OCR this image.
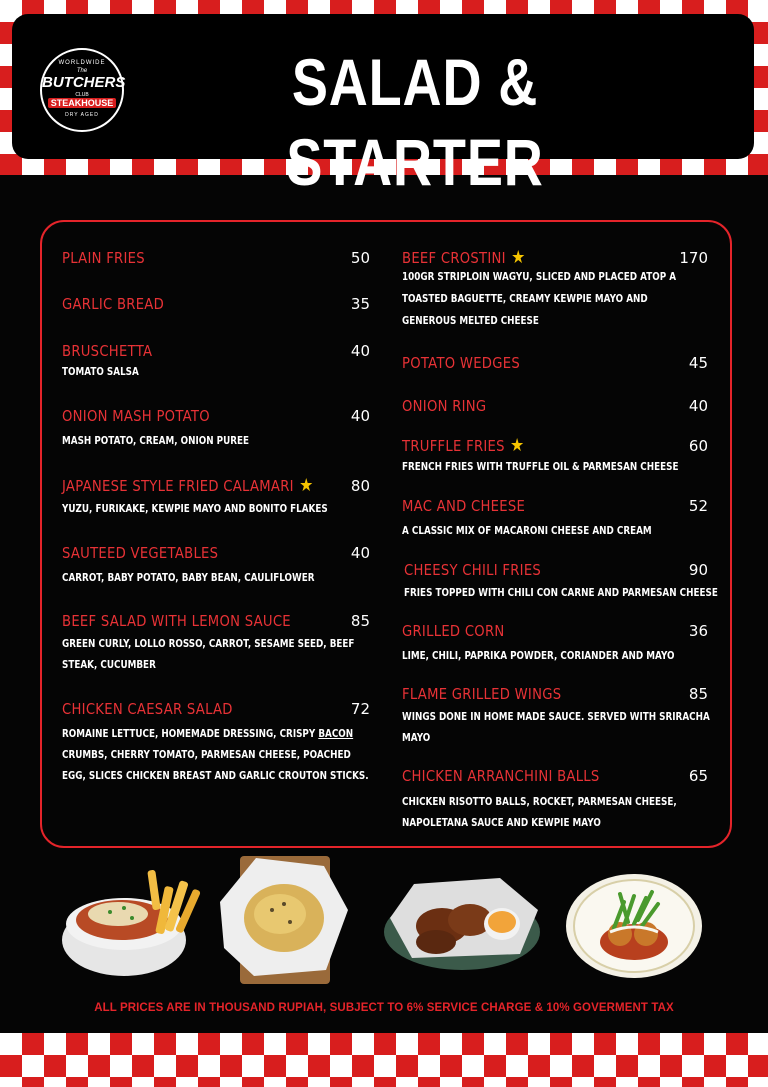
WORLDWIDE
The
BUTCHERS
CLUB
STEAKHOUSE
DRY AGED	SALAD & STARTER
PLAIN FRIES	50
GARLIC BREAD	35
BRUSCHETTA	40
TOMATO SALSA
ONION MASH POTATO	40
MASH POTATO, CREAM, ONION PUREE
JAPANESE STYLE FRIED CALAMARI ★ 80
YUZU, FURIKAKE, KEWPIE MAYO AND BONITO FLAKES
SAUTEED VEGETABLES	40
CARROT, BABY POTATO, BABY BEAN, CAULIFLOWER
BEEF SALAD WITH LEMON SAUCE	85
GREEN CURLY, LOLLO ROSSO, CARROT, SESAME SEED, BEEF
STEAK, CUCUMBER
CHICKEN CAESAR SALAD	72
ROMAINE LETTUCE, HOMEMADE DRESSING, CRISPY BACON
CRUMBS, CHERRY TOMATO, PARMESAN CHEESE, POACHED
EGG, SLICES CHICKEN BREAST AND GARLIC CROUTON STICKS.
BEEF CROSTINI ★	170
100GR STRIPLOIN WAGYU, SLICED AND PLACED ATOP A
TOASTED BAGUETTE, CREAMY KEWPIE MAYO AND
GENEROUS MELTED CHEESE
POTATO WEDGES	45
ONION RING	40
TRUFFLE FRIES ★	60
FRENCH FRIES WITH TRUFFLE OIL & PARMESAN CHEESE
MAC AND CHEESE	52
A CLASSIC MIX OF MACARONI CHEESE AND CREAM
CHEESY CHILI FRIES	90
FRIES TOPPED WITH CHILI CON CARNE AND PARMESAN CHEESE
GRILLED CORN	36
LIME, CHILI, PAPRIKA POWDER, CORIANDER AND MAYO
FLAME GRILLED WINGS	85
WINGS DONE IN HOME MADE SAUCE. SERVED WITH SRIRACHA
MAYO
CHICKEN ARRANCHINI BALLS	65
CHICKEN RISOTTO BALLS, ROCKET, PARMESAN CHEESE,
NAPOLETANA SAUCE AND KEWPIE MAYO
ALL PRICES ARE IN THOUSAND RUPIAH, SUBJECT TO 6% SERVICE CHARGE & 10% GOVERMENT TAX
